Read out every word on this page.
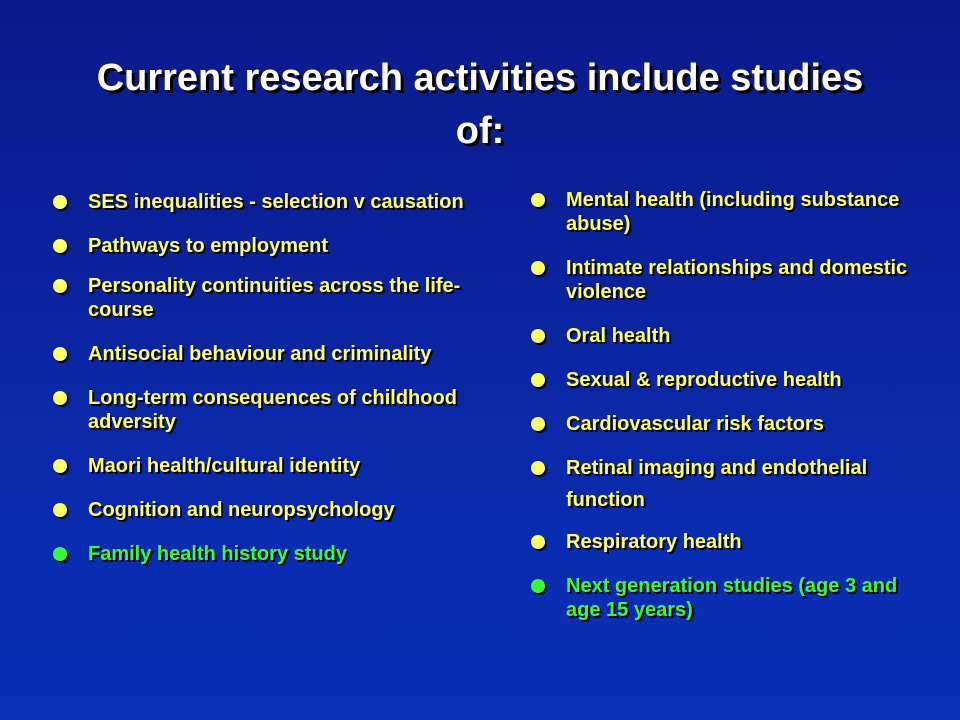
Current research activities include studies of:
SES inequalities - selection v causation
Pathways to employment
Personality continuities across the life-course
Antisocial behaviour and criminality
Long-term consequences of childhood adversity
Maori health/cultural identity
Cognition and neuropsychology
Family health history study
Mental health (including substance abuse)
Intimate relationships and domestic violence
Oral health
Sexual & reproductive health
Cardiovascular risk factors
Retinal imaging and endothelial function
Respiratory health
Next generation studies (age 3 and age 15 years)
